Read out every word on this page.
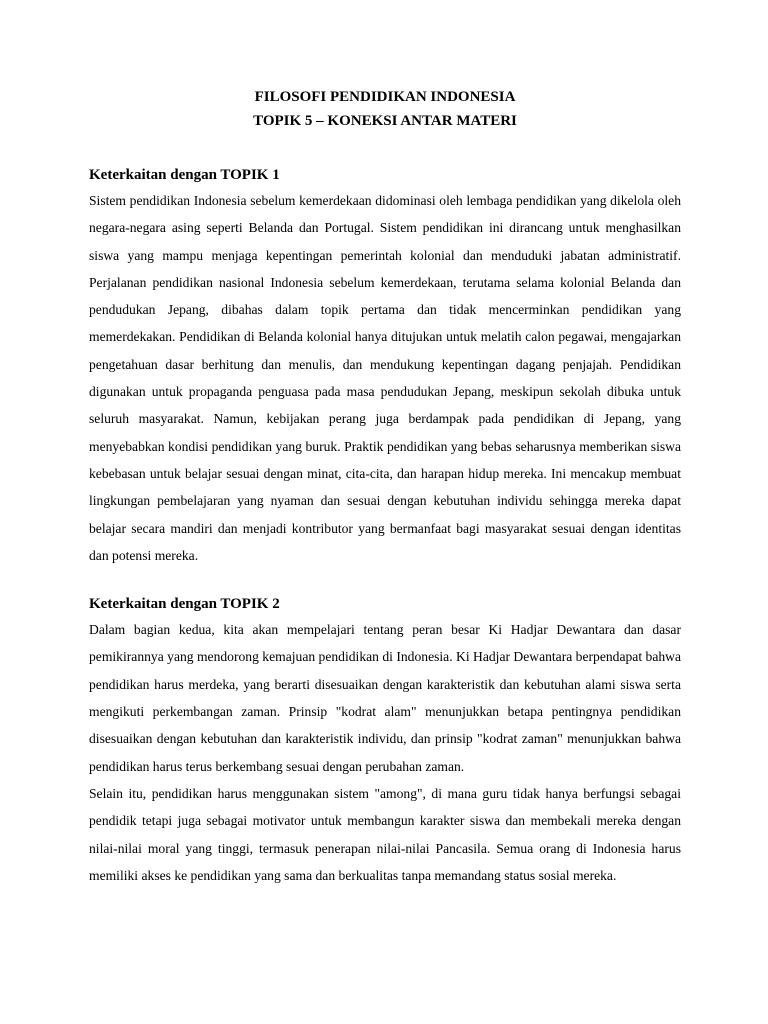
FILOSOFI PENDIDIKAN INDONESIA

TOPIK 5 – KONEKSI ANTAR MATERI

Keterkaitan dengan TOPIK 1

Sistem pendidikan Indonesia sebelum kemerdekaan didominasi oleh lembaga pendidikan yang dikelola oleh negara-negara asing seperti Belanda dan Portugal. Sistem pendidikan ini dirancang untuk menghasilkan siswa yang mampu menjaga kepentingan pemerintah kolonial dan menduduki jabatan administratif. Perjalanan pendidikan nasional Indonesia sebelum kemerdekaan, terutama selama kolonial Belanda dan pendudukan Jepang, dibahas dalam topik pertama dan tidak mencerminkan pendidikan yang memerdekakan. Pendidikan di Belanda kolonial hanya ditujukan untuk melatih calon pegawai, mengajarkan pengetahuan dasar berhitung dan menulis, dan mendukung kepentingan dagang penjajah. Pendidikan digunakan untuk propaganda penguasa pada masa pendudukan Jepang, meskipun sekolah dibuka untuk seluruh masyarakat. Namun, kebijakan perang juga berdampak pada pendidikan di Jepang, yang menyebabkan kondisi pendidikan yang buruk. Praktik pendidikan yang bebas seharusnya memberikan siswa kebebasan untuk belajar sesuai dengan minat, cita-cita, dan harapan hidup mereka. Ini mencakup membuat lingkungan pembelajaran yang nyaman dan sesuai dengan kebutuhan individu sehingga mereka dapat belajar secara mandiri dan menjadi kontributor yang bermanfaat bagi masyarakat sesuai dengan identitas dan potensi mereka.

Keterkaitan dengan TOPIK 2

Dalam bagian kedua, kita akan mempelajari tentang peran besar Ki Hadjar Dewantara dan dasar pemikirannya yang mendorong kemajuan pendidikan di Indonesia. Ki Hadjar Dewantara berpendapat bahwa pendidikan harus merdeka, yang berarti disesuaikan dengan karakteristik dan kebutuhan alami siswa serta mengikuti perkembangan zaman. Prinsip "kodrat alam" menunjukkan betapa pentingnya pendidikan disesuaikan dengan kebutuhan dan karakteristik individu, dan prinsip "kodrat zaman" menunjukkan bahwa pendidikan harus terus berkembang sesuai dengan perubahan zaman.

Selain itu, pendidikan harus menggunakan sistem "among", di mana guru tidak hanya berfungsi sebagai pendidik tetapi juga sebagai motivator untuk membangun karakter siswa dan membekali mereka dengan nilai-nilai moral yang tinggi, termasuk penerapan nilai-nilai Pancasila. Semua orang di Indonesia harus memiliki akses ke pendidikan yang sama dan berkualitas tanpa memandang status sosial mereka.
